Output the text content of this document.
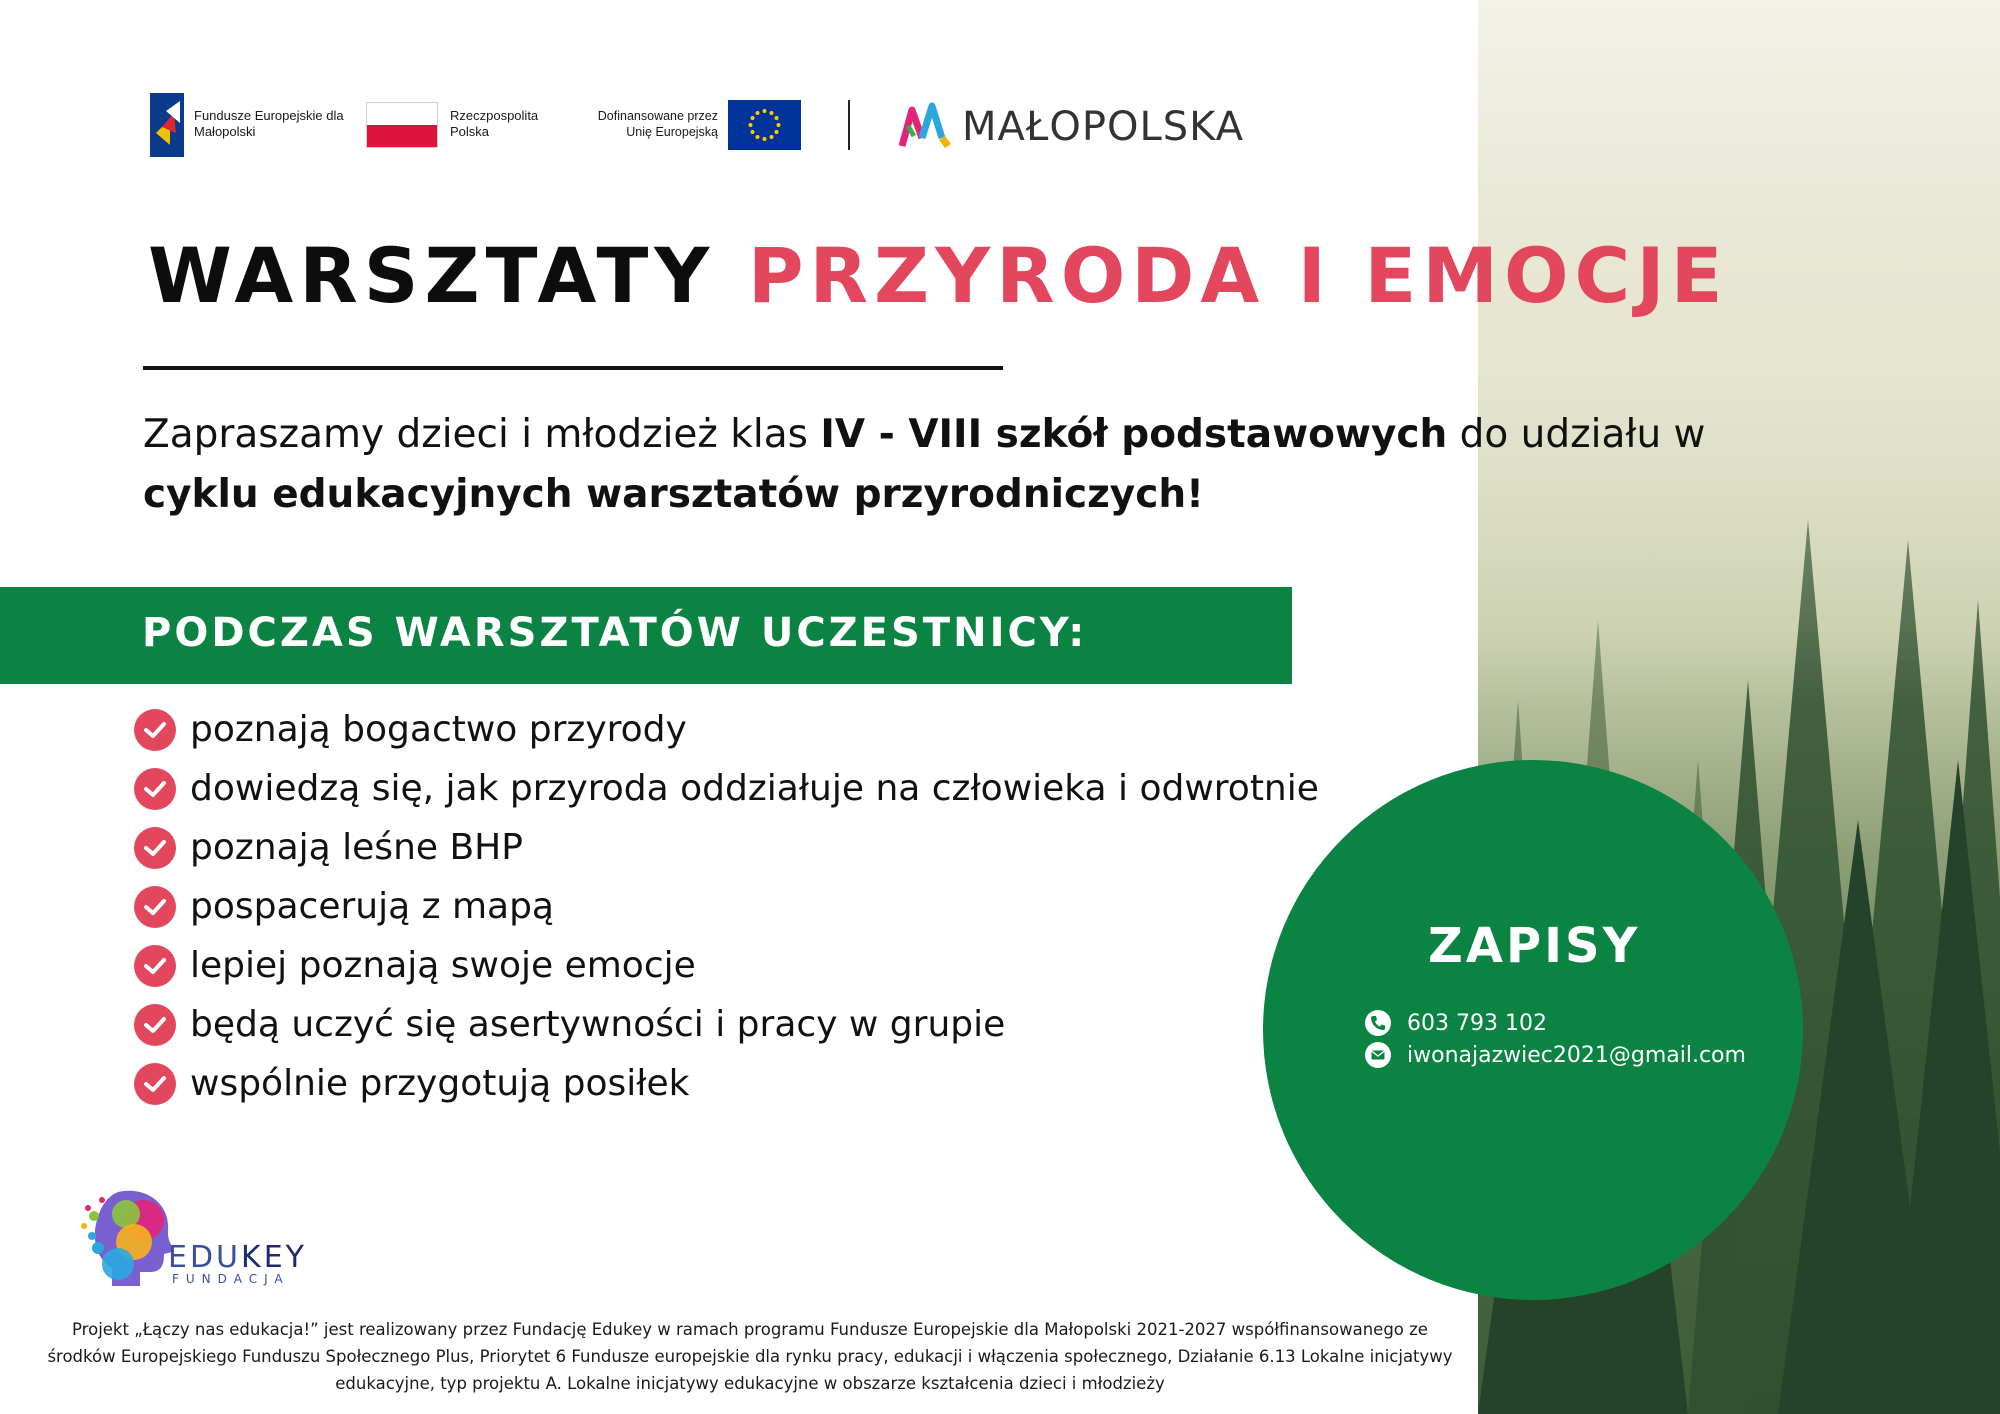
Fundusze Europejskie dla Małopolski
Rzeczpospolita Polska
Dofinansowane przez Unię Europejską	MAŁOPOLSKA
WARSZTATY PRZYRODA I EMOCJE
Zapraszamy dzieci i młodzież klas IV - VIII szkół podstawowych do udziału w cyklu edukacyjnych warsztatów przyrodniczych!
PODCZAS WARSZTATÓW UCZESTNICY:
poznają bogactwo przyrody
dowiedzą się, jak przyroda oddziałuje na człowieka i odwrotnie
poznają leśne BHP
pospacerują z mapą
lepiej poznają swoje emocje
będą uczyć się asertywności i pracy w grupie
wspólnie przygotują posiłek
ZAPISY
603 793 102
iwonajazwiec2021@gmail.com
EDUKEY
FUNDACJA
Projekt „Łączy nas edukacja!” jest realizowany przez Fundację Edukey w ramach programu Fundusze Europejskie dla Małopolski 2021-2027 współfinansowanego ze środków Europejskiego Funduszu Społecznego Plus, Priorytet 6 Fundusze europejskie dla rynku pracy, edukacji i włączenia społecznego, Działanie 6.13 Lokalne inicjatywy edukacyjne, typ projektu A. Lokalne inicjatywy edukacyjne w obszarze kształcenia dzieci i młodzieży
